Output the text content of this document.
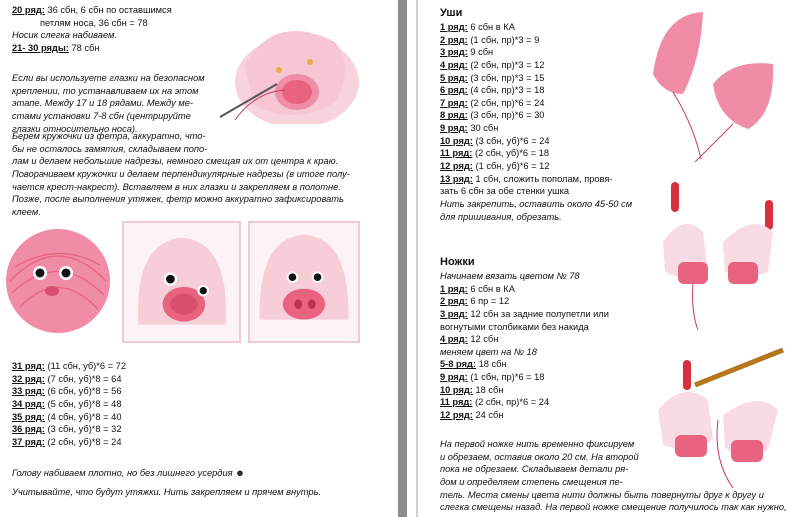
20 ряд: 36 сбн, 6 сбн по оставшимся
петлям носа, 36 сбн = 78
Носик слегка набиваем.
21- 30 ряды: 78 сбн
Если вы используете глазки на безопасном
креплении, то устанавливаем их на этом
этапе. Между 17 и 18 рядами. Между ме-
стами установки 7-8 сбн (центрируйте
глазки относительно носа).
Берем кружочки из фетра, аккуратно, что-
бы не осталось замятия, складываем попо-
лам и делаем небольшие надрезы, немного смещая их от центра к краю.
Поворачиваем кружочки и делаем перпендикулярные надрезы (в итоге полу-
чается крест-накрест). Вставляем в них глазки и закрепляем в полотне.
Позже, после выполнения утяжек, фетр можно аккуратно зафиксировать
клеем.
31 ряд: (11 сбн, уб)*6 = 72
32 ряд: (7 сбн, уб)*8 = 64
33 ряд: (6 сбн, уб)*8 = 56
34 ряд: (5 сбн, уб)*8 = 48
35 ряд: (4 сбн, уб)*8 = 40
36 ряд: (3 сбн, уб)*8 = 32
37 ряд: (2 сбн, уб)*8 = 24
Голову набиваем плотно, но без лишнего усердия ☻
Учитывайте, что будут утяжки. Нить закрепляем и прячем внутрь.
Уши
1 ряд: 6 сбн в КА
2 ряд: (1 сбн, пр)*3 = 9
3 ряд: 9 сбн
4 ряд: (2 сбн, пр)*3 = 12
5 ряд: (3 сбн, пр)*3 = 15
6 ряд: (4 сбн, пр)*3 = 18
7 ряд: (2 сбн, пр)*6 = 24
8 ряд: (3 сбн, пр)*6 = 30
9 ряд: 30 сбн
10 ряд: (3 сбн, уб)*6 = 24
11 ряд: (2 сбн, уб)*6 = 18
12 ряд: (1 сбн, уб)*6 = 12
13 ряд: 1 сбн, сложить пополам, провя-
зать 6 сбн за обе стенки ушка
Нить закрепить, оставить около 45-50 см
для пришивания, обрезать.
Ножки
Начинаем вязать цветом № 78
1 ряд: 6 сбн в КА
2 ряд: 6 пр = 12
3 ряд: 12 сбн за задние полупетли или
вогнутыми столбиками без накида
4 ряд: 12 сбн
меняем цвет на № 18
5-8 ряд: 18 сбн
9 ряд: (1 сбн, пр)*6 = 18
10 ряд: 18 сбн
11 ряд: (2 сбн, пр)*6 = 24
12 ряд: 24 сбн
На первой ножке нить временно фиксируем
и обрезаем, оставив около 20 см. На второй
пока не обрезаем. Складываем детали ря-
дом и определяем степень смещения пе-
тель. Места смены цвета нити должны быть повернуты друг к другу и
слегка смещены назад. На первой ножке смещение получилось так как нужно,
